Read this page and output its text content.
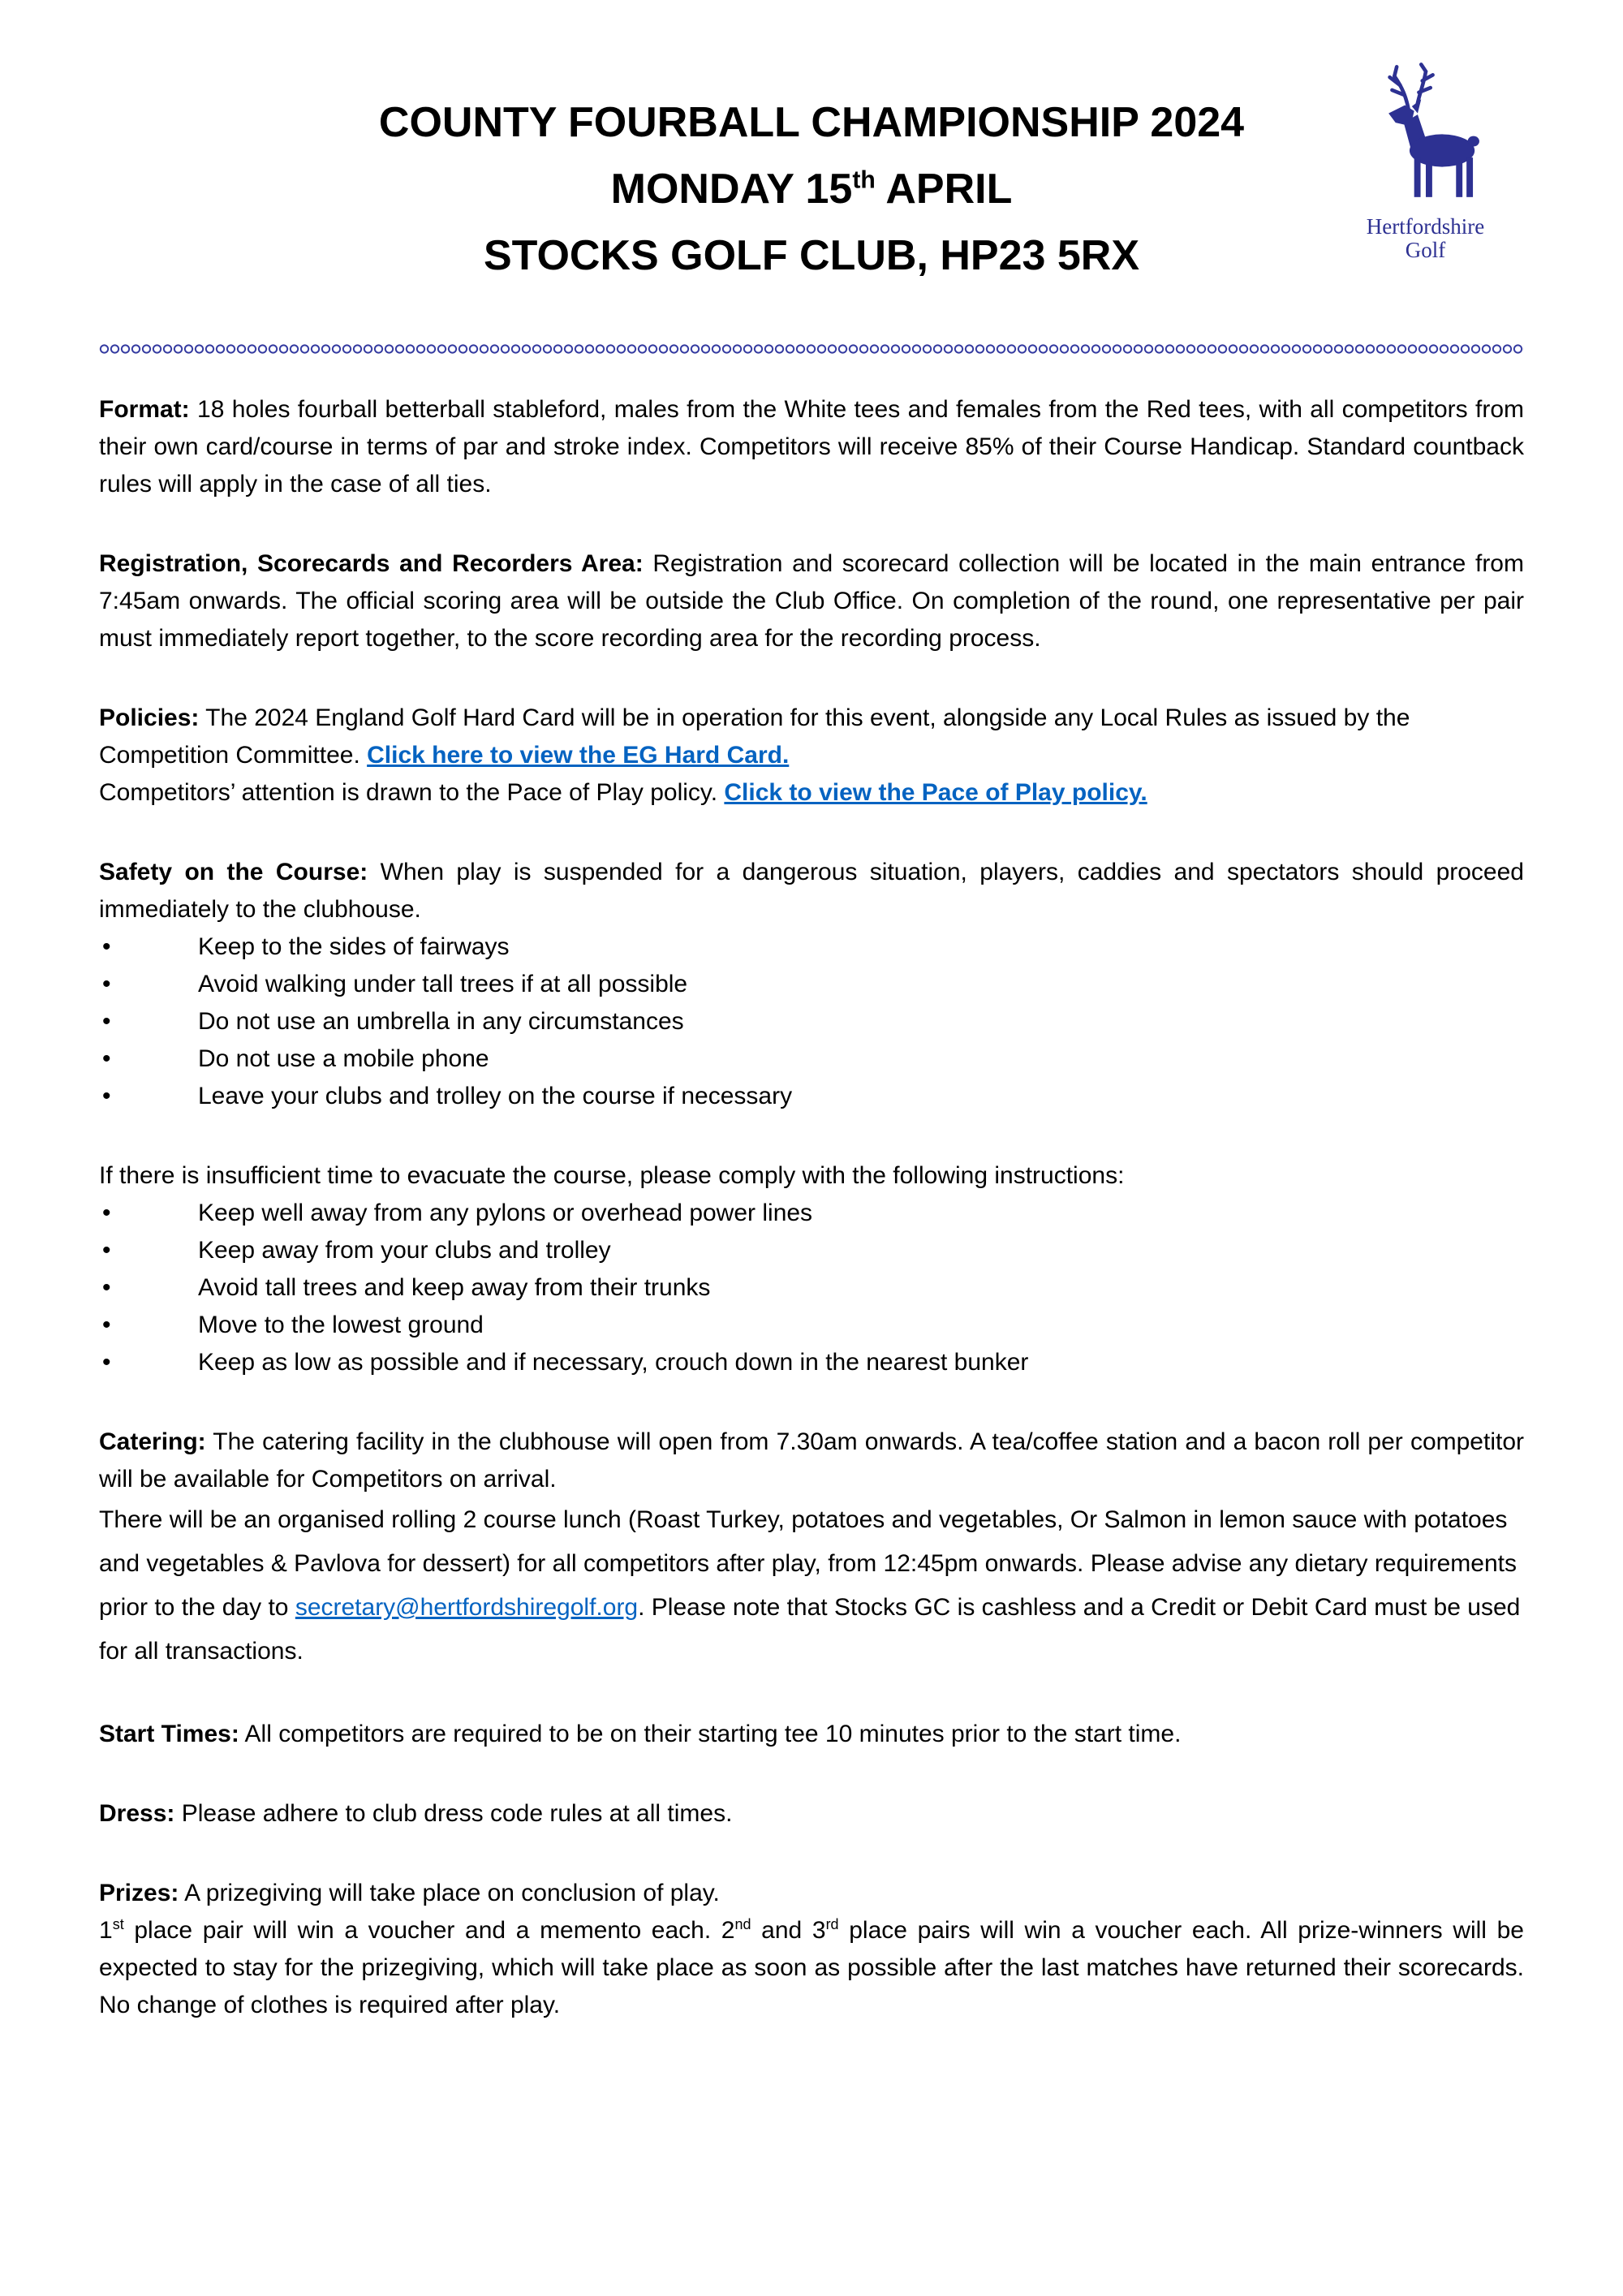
COUNTY FOURBALL CHAMPIONSHIP 2024
MONDAY 15th APRIL
STOCKS GOLF CLUB, HP23 5RX
Hertfordshire
Golf

Format: 18 holes fourball betterball stableford, males from the White tees and females from the Red tees, with all competitors from their own card/course in terms of par and stroke index. Competitors will receive 85% of their Course Handicap. Standard countback rules will apply in the case of all ties.

Registration, Scorecards and Recorders Area: Registration and scorecard collection will be located in the main entrance from 7:45am onwards. The official scoring area will be outside the Club Office. On completion of the round, one representative per pair must immediately report together, to the score recording area for the recording process.

Policies: The 2024 England Golf Hard Card will be in operation for this event, alongside any Local Rules as issued by the Competition Committee. Click here to view the EG Hard Card.
Competitors’ attention is drawn to the Pace of Play policy. Click to view the Pace of Play policy.

Safety on the Course: When play is suspended for a dangerous situation, players, caddies and spectators should proceed immediately to the clubhouse.

•	Keep to the sides of fairways
•	Avoid walking under tall trees if at all possible
•	Do not use an umbrella in any circumstances
•	Do not use a mobile phone
•	Leave your clubs and trolley on the course if necessary

If there is insufficient time to evacuate the course, please comply with the following instructions:

•	Keep well away from any pylons or overhead power lines
•	Keep away from your clubs and trolley
•	Avoid tall trees and keep away from their trunks
•	Move to the lowest ground
•	Keep as low as possible and if necessary, crouch down in the nearest bunker
Catering: The catering facility in the clubhouse will open from 7.30am onwards. A tea/coffee station and a bacon roll per competitor will be available for Competitors on arrival.
There will be an organised rolling 2 course lunch (Roast Turkey, potatoes and vegetables, Or Salmon in lemon sauce with potatoes and vegetables & Pavlova for dessert) for all competitors after play, from 12:45pm onwards. Please advise any dietary requirements prior to the day to secretary@hertfordshiregolf.org. Please note that Stocks GC is cashless and a Credit or Debit Card must be used for all transactions.

Start Times: All competitors are required to be on their starting tee 10 minutes prior to the start time.

Dress: Please adhere to club dress code rules at all times.

Prizes: A prizegiving will take place on conclusion of play.
1st place pair will win a voucher and a memento each. 2nd and 3rd place pairs will win a voucher each. All prize-winners will be expected to stay for the prizegiving, which will take place as soon as possible after the last matches have returned their scorecards. No change of clothes is required after play.
